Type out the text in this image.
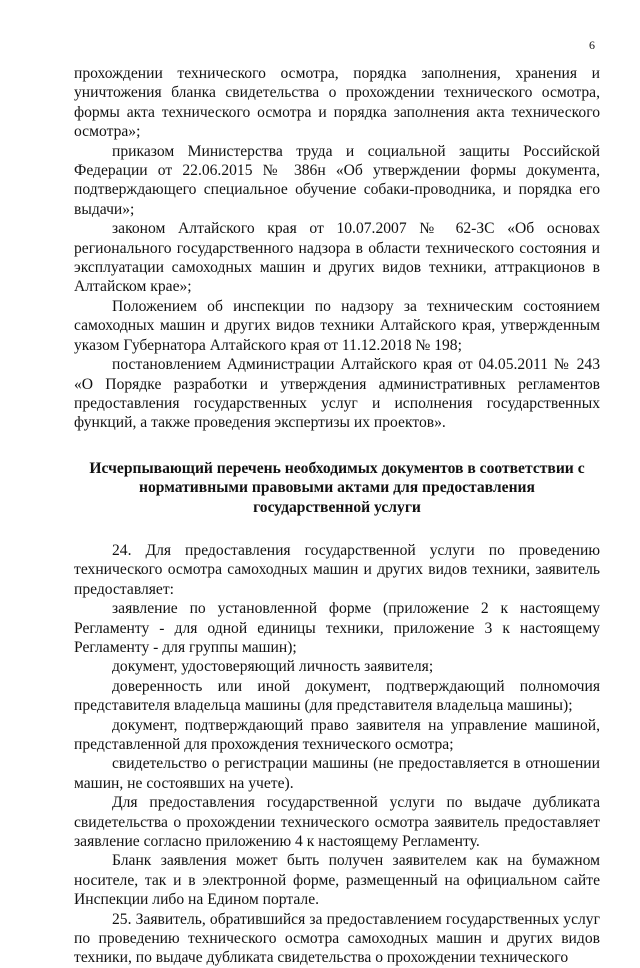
6

прохождении технического осмотра, порядка заполнения, хранения и уничтожения бланка свидетельства о прохождении технического осмотра, формы акта технического осмотра и порядка заполнения акта технического осмотра»;

приказом Министерства труда и социальной защиты Российской Федерации от 22.06.2015 № 386н «Об утверждении формы документа, подтверждающего специальное обучение собаки-проводника, и порядка его выдачи»;

законом Алтайского края от 10.07.2007 № 62-ЗС «Об основах регионального государственного надзора в области технического состояния и эксплуатации самоходных машин и других видов техники, аттракционов в Алтайском крае»;

Положением об инспекции по надзору за техническим состоянием самоходных машин и других видов техники Алтайского края, утвержденным указом Губернатора Алтайского края от 11.12.2018 № 198;

постановлением Администрации Алтайского края от 04.05.2011 № 243 «О Порядке разработки и утверждения административных регламентов предоставления государственных услуг и исполнения государственных функций, а также проведения экспертизы их проектов».

Исчерпывающий перечень необходимых документов в соответствии с
нормативными правовыми актами для предоставления
государственной услуги

24. Для предоставления государственной услуги по проведению технического осмотра самоходных машин и других видов техники, заявитель предоставляет:

заявление по установленной форме (приложение 2 к настоящему Регламенту - для одной единицы техники, приложение 3 к настоящему Регламенту - для группы машин);

документ, удостоверяющий личность заявителя;

доверенность или иной документ, подтверждающий полномочия представителя владельца машины (для представителя владельца машины);

документ, подтверждающий право заявителя на управление машиной, представленной для прохождения технического осмотра;

свидетельство о регистрации машины (не предоставляется в отношении машин, не состоявших на учете).

Для предоставления государственной услуги по выдаче дубликата свидетельства о прохождении технического осмотра заявитель предоставляет заявление согласно приложению 4 к настоящему Регламенту.

Бланк заявления может быть получен заявителем как на бумажном носителе, так и в электронной форме, размещенный на официальном сайте Инспекции либо на Едином портале.

25. Заявитель, обратившийся за предоставлением государственных услуг по проведению технического осмотра самоходных машин и других видов техники, по выдаче дубликата свидетельства о прохождении технического
